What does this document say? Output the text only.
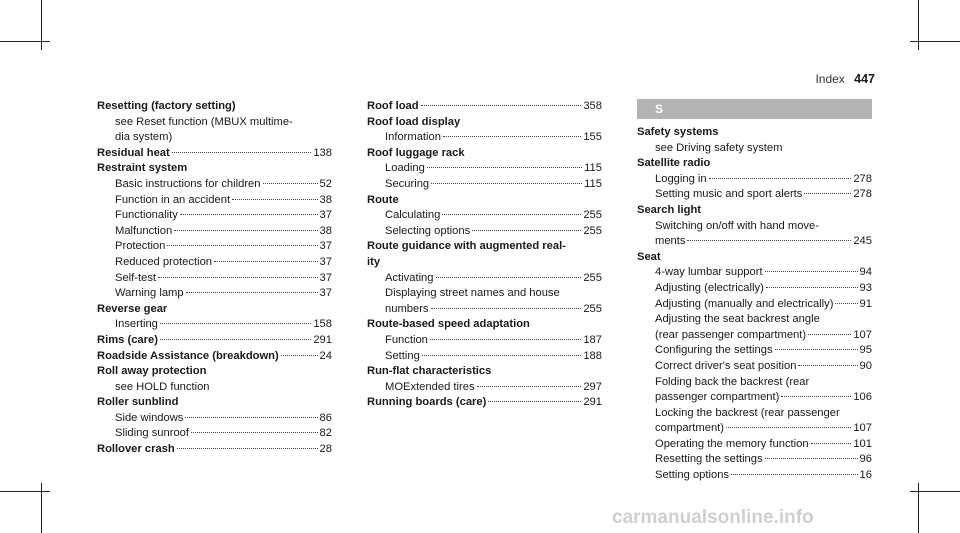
Index 447
Resetting (factory setting)
see Reset function (MBUX multime-
dia system)
Residual heat	138
Restraint system
Basic instructions for children	52
Function in an accident	38
Functionality	37
Malfunction	38
Protection	37
Reduced protection	37
Self-test	37
Warning lamp	37
Reverse gear
Inserting	158
Rims (care)	291
Roadside Assistance (breakdown)	24
Roll away protection
see HOLD function
Roller sunblind
Side windows	86
Sliding sunroof	82
Rollover crash	28
Roof load	358
Roof load display
Information	155
Roof luggage rack
Loading	115
Securing	115
Route
Calculating	255
Selecting options	255
Route guidance with augmented real-
ity
Activating	255
Displaying street names and house
numbers	255
Route-based speed adaptation
Function	187
Setting	188
Run-flat characteristics
MOExtended tires	297
Running boards (care)	291
S
Safety systems
see Driving safety system
Satellite radio
Logging in	278
Setting music and sport alerts	278
Search light
Switching on/off with hand move-
ments	245
Seat
4-way lumbar support	94
Adjusting (electrically)	93
Adjusting (manually and electrically) 91
Adjusting the seat backrest angle
(rear passenger compartment)	107
Configuring the settings	95
Correct driver's seat position	90
Folding back the backrest (rear
passenger compartment)	106
Locking the backrest (rear passenger
compartment)	107
Operating the memory function	101
Resetting the settings	96
Setting options	16
carmanualsonline.info
